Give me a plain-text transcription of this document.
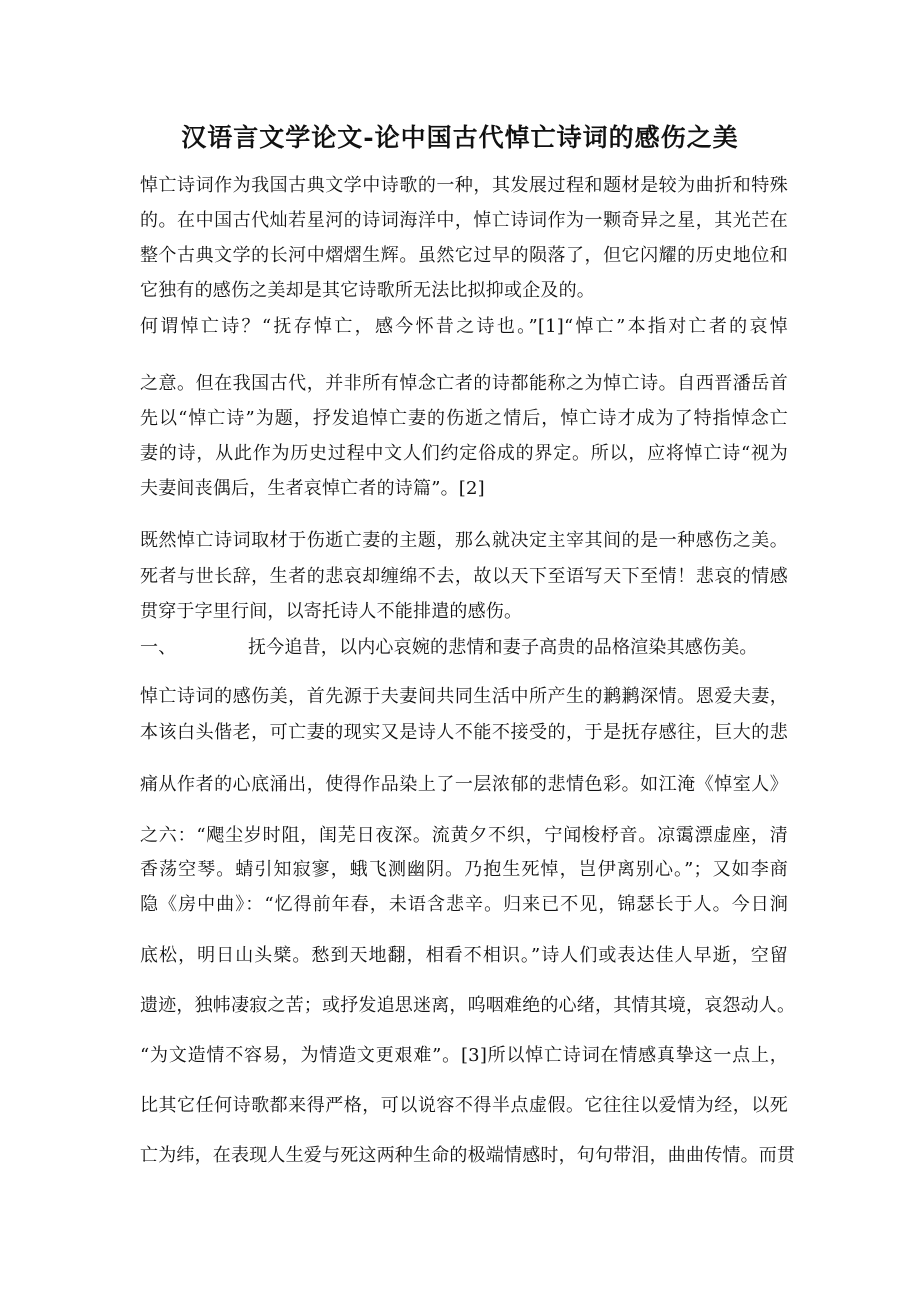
汉语言文学论文-论中国古代悼亡诗词的感伤之美
悼亡诗词作为我国古典文学中诗歌的一种，其发展过程和题材是较为曲折和特殊
的。在中国古代灿若星河的诗词海洋中，悼亡诗词作为一颗奇异之星，其光芒在
整个古典文学的长河中熠熠生辉。虽然它过早的陨落了，但它闪耀的历史地位和
它独有的感伤之美却是其它诗歌所无法比拟抑或企及的。
何谓悼亡诗？“抚存悼亡，感今怀昔之诗也。”[1]“悼亡”本指对亡者的哀悼
之意。但在我国古代，并非所有悼念亡者的诗都能称之为悼亡诗。自西晋潘岳首
先以“悼亡诗”为题，抒发追悼亡妻的伤逝之情后，悼亡诗才成为了特指悼念亡
妻的诗，从此作为历史过程中文人们约定俗成的界定。所以，应将悼亡诗“视为
夫妻间丧偶后，生者哀悼亡者的诗篇”。[2]
既然悼亡诗词取材于伤逝亡妻的主题，那么就决定主宰其间的是一种感伤之美。
死者与世长辞，生者的悲哀却缠绵不去，故以天下至语写天下至情！悲哀的情感
贯穿于字里行间，以寄托诗人不能排遣的感伤。
一、	抚今追昔，以内心哀婉的悲情和妻子高贵的品格渲染其感伤美。
悼亡诗词的感伤美，首先源于夫妻间共同生活中所产生的鹣鹣深情。恩爱夫妻，
本该白头偕老，可亡妻的现实又是诗人不能不接受的，于是抚存感往，巨大的悲
痛从作者的心底涌出，使得作品染上了一层浓郁的悲情色彩。如江淹《悼室人》
之六：“飔尘岁时阻，闺芜日夜深。流黄夕不织，宁闻梭杼音。凉霭漂虚座，清
香荡空琴。蜻引知寂寥，蛾飞测幽阴。乃抱生死悼，岂伊离别心。”；又如李商
隐《房中曲》：“忆得前年春，未语含悲辛。归来已不见，锦瑟长于人。今日涧
底松，明日山头檗。愁到天地翻，相看不相识。”诗人们或表达佳人早逝，空留
遗迹，独帏凄寂之苦；或抒发追思迷离，呜咽难绝的心绪，其情其境，哀怨动人。
“为文造情不容易，为情造文更艰难”。[3]所以悼亡诗词在情感真挚这一点上，
比其它任何诗歌都来得严格，可以说容不得半点虚假。它往往以爱情为经，以死
亡为纬，在表现人生爱与死这两种生命的极端情感时，句句带泪，曲曲传情。而贯
